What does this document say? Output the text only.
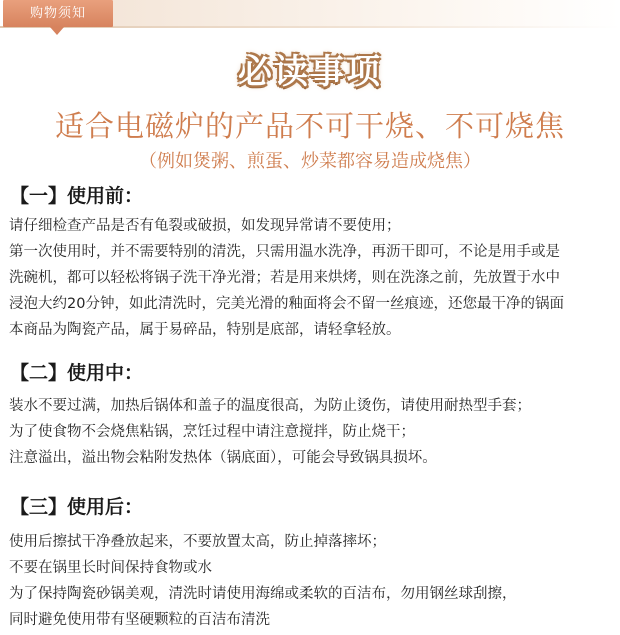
购物须知
必读事项
适合电磁炉的产品不可干烧、不可烧焦
（例如煲粥、煎蛋、炒菜都容易造成烧焦）
【一】使用前：
请仔细检查产品是否有龟裂或破损，如发现异常请不要使用；
第一次使用时，并不需要特别的清洗，只需用温水洗净，再沥干即可，不论是用手或是
洗碗机，都可以轻松将锅子洗干净光滑；若是用来烘烤，则在洗涤之前，先放置于水中
浸泡大约20分钟，如此清洗时，完美光滑的釉面将会不留一丝痕迹，还您最干净的锅面
本商品为陶瓷产品，属于易碎品，特别是底部，请轻拿轻放。
【二】使用中：
装水不要过满，加热后锅体和盖子的温度很高，为防止烫伤，请使用耐热型手套；
为了使食物不会烧焦粘锅，烹饪过程中请注意搅拌，防止烧干；
注意溢出，溢出物会粘附发热体（锅底面），可能会导致锅具损坏。
【三】使用后：
使用后擦拭干净叠放起来，不要放置太高，防止掉落摔坏；
不要在锅里长时间保持食物或水
为了保持陶瓷砂锅美观，清洗时请使用海绵或柔软的百洁布，勿用钢丝球刮擦，
同时避免使用带有坚硬颗粒的百洁布清洗
